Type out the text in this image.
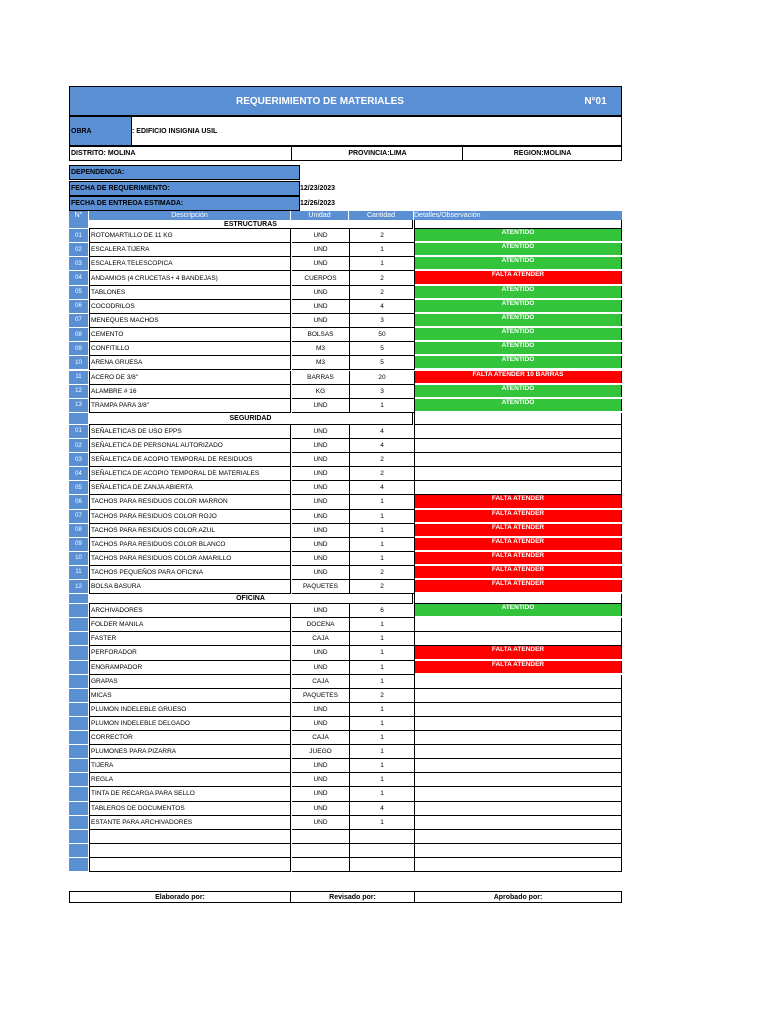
REQUERIMIENTO DE MATERIALES	N°01
OBRA	: EDIFICIO INSIGNIA USIL
DISTRITO: MOLINA	PROVINCIA:LIMA	REGION:MOLINA
DEPENDENCIA:
FECHA DE REQUERIMIENTO:	12/23/2023
FECHA DE ENTREOA ESTIMADA:	12/26/2023
N°	Descripción	Unidad	Cantidad	Detalles/Observación
ESTRUCTURAS
01	ROTOMARTILLO DE 11 KG	UND	2	ATENTIDO
02	ESCALERA TIJERA	UND	1	ATENTIDO
03	ESCALERA TELESCOPICA	UND	1	ATENTIDO
04	ANDAMIOS (4 CRUCETAS+ 4 BANDEJAS)	CUERPOS	2	FALTA ATENDER
05	TABLONES	UND	2	ATENTIDO
06	COCODRILOS	UND	4	ATENTIDO
07	MENEQUES MACHOS	UND	3	ATENTIDO
08	CEMENTO	BOLSAS	50	ATENTIDO
09	CONFITILLO	M3	5	ATENTIDO
10	ARENA GRUESA	M3	5	ATENTIDO
11	ACERO DE 3/8"	BARRAS	20	FALTA ATENDER 10 BARRAS
12	ALAMBRE # 16	KG	3	ATENTIDO
13	TRAMPA PARA 3/8"	UND	1	ATENTIDO
SEGURIDAD
01	SEÑALETICAS DE USO EPPS	UND	4
02	SEÑALETICA DE PERSONAL AUTORIZADO	UND	4
03	SEÑALETICA DE ACOPIO TEMPORAL DE RESIDUOS	UND	2
04	SEÑALETICA DE ACOPIO TEMPORAL DE MATERIALES	UND	2
05	SEÑALETICA DE ZANJA ABIERTA	UND	4
06	TACHOS PARA RESIDUOS COLOR MARRON	UND	1	FALTA ATENDER
07	TACHOS PARA RESIDUOS COLOR ROJO	UND	1	FALTA ATENDER
08	TACHOS PARA RESIDUOS COLOR AZUL	UND	1	FALTA ATENDER
09	TACHOS PARA RESIDUOS COLOR BLANCO	UND	1	FALTA ATENDER
10	TACHOS PARA RESIDUOS COLOR AMARILLO	UND	1	FALTA ATENDER
11	TACHOS PEQUEÑOS PARA OFICINA	UND	2	FALTA ATENDER
12	BOLSA BASURA	PAQUETES	2	FALTA ATENDER
OFICINA
ARCHIVADORES	UND	6	ATENTIDO
FOLDER MANILA	DOCENA	1
FASTER	CAJA	1
PERFORADOR	UND	1	FALTA ATENDER
ENGRAMPADOR	UND	1	FALTA ATENDER
GRAPAS	CAJA	1
MICAS	PAQUETES	2
PLUMON INDELEBLE GRUESO	UND	1
PLUMON INDELEBLE DELGADO	UND	1
CORRECTOR	CAJA	1
PLUMONES PARA PIZARRA	JUEGO	1
TIJERA	UND	1
REGLA	UND	1
TINTA DE RECARGA PARA SELLO	UND	1
TABLEROS DE DOCUMENTOS	UND	4
ESTANTE PARA ARCHIVADORES	UND	1
Elaborado por:	Revisado por:	Aprobado por:
